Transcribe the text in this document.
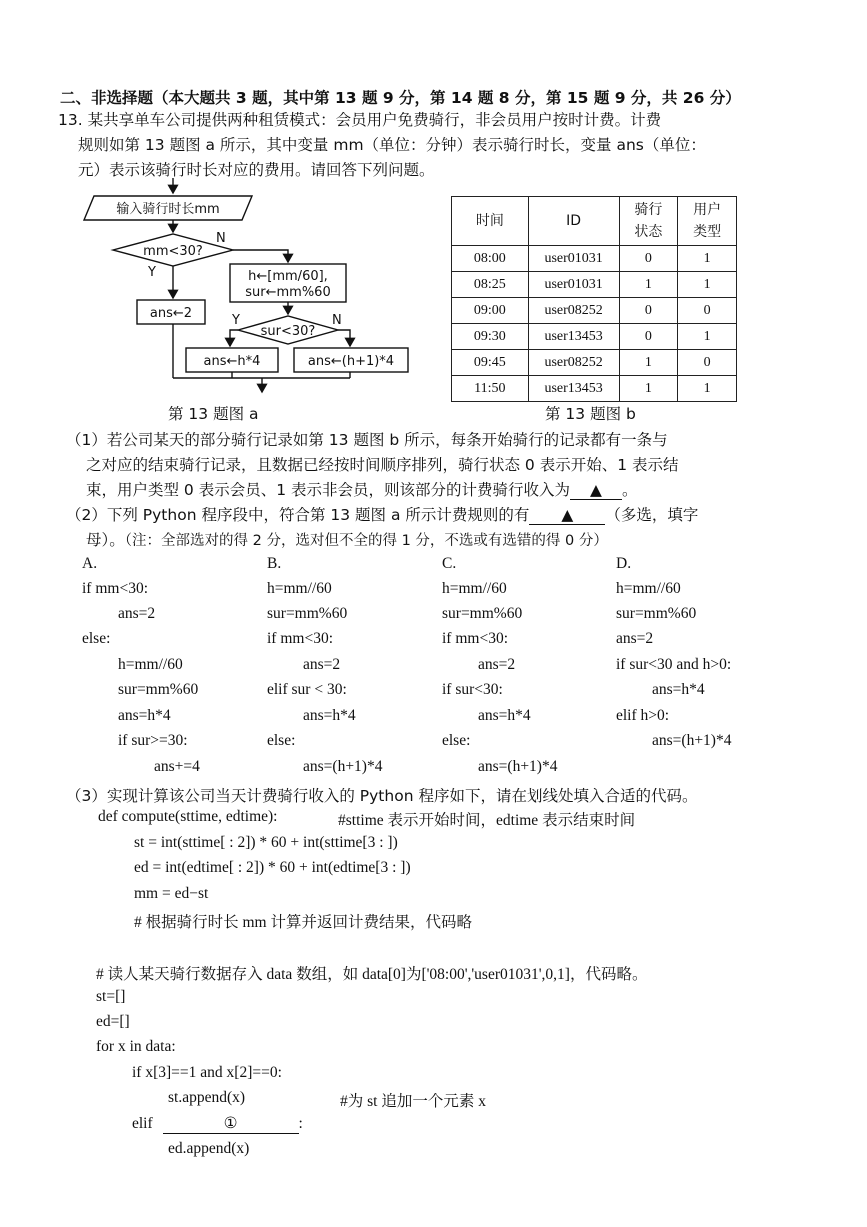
二、非选择题（本大题共 3 题，其中第 13 题 9 分，第 14 题 8 分，第 15 题 9 分，共 26 分）
13. 某共享单车公司提供两种租赁模式：会员用户免费骑行，非会员用户按时计费。计费
规则如第 13 题图 a 所示，其中变量 mm（单位：分钟）表示骑行时长，变量 ans（单位：
元）表示该骑行时长对应的费用。请回答下列问题。
输入骑行时长mm
mm<30?
N
Y
ans←2
h←[mm/60],
sur←mm%60
sur<30?
Y	N
ans←h*4	ans←(h+1)*4
第 13 题图 a
时间	ID	骑行
状态	用户
类型
08:00	user01031	0	1
08:25	user01031	1	1
09:00	user08252	0	0
09:30	user13453	0	1
09:45	user08252	1	0
11:50	user13453	1	1
第 13 题图 b
（1）若公司某天的部分骑行记录如第 13 题图 b 所示，每条开始骑行的记录都有一条与
之对应的结束骑行记录，且数据已经按时间顺序排列，骑行状态 0 表示开始、1 表示结
束，用户类型 0 表示会员、1 表示非会员，则该部分的计费骑行收入为 ▲ 。
（2）下列 Python 程序段中，符合第 13 题图 a 所示计费规则的有 ▲ （多选，填字
母）。（注：全部选对的得 2 分，选对但不全的得 1 分，不选或有选错的得 0 分）
A.	B.	C.	D.
if mm<30:
ans=2
else:
h=mm//60
sur=mm%60
ans=h*4
if sur>=30:
ans+=4
h=mm//60
sur=mm%60
if mm<30:
ans=2
elif sur < 30:
ans=h*4
else:
ans=(h+1)*4
h=mm//60
sur=mm%60
if mm<30:
ans=2
if sur<30:
ans=h*4
else:
ans=(h+1)*4
h=mm//60
sur=mm%60
ans=2
if sur<30 and h>0:
ans=h*4
elif h>0:
ans=(h+1)*4
（3）实现计算该公司当天计费骑行收入的 Python 程序如下，请在划线处填入合适的代码。
def compute(sttime, edtime):	#sttime 表示开始时间，edtime 表示结束时间
st = int(sttime[ : 2]) * 60 + int(sttime[3 : ])
ed = int(edtime[ : 2]) * 60 + int(edtime[3 : ])
mm = ed−st
# 根据骑行时长 mm 计算并返回计费结果，代码略
# 读人某天骑行数据存入 data 数组，如 data[0]为['08:00','user01031',0,1]，代码略。
st=[]
ed=[]
for x in data:
if x[3]==1 and x[2]==0:
st.append(x)	#为 st 追加一个元素 x
elif	①	:
ed.append(x)
